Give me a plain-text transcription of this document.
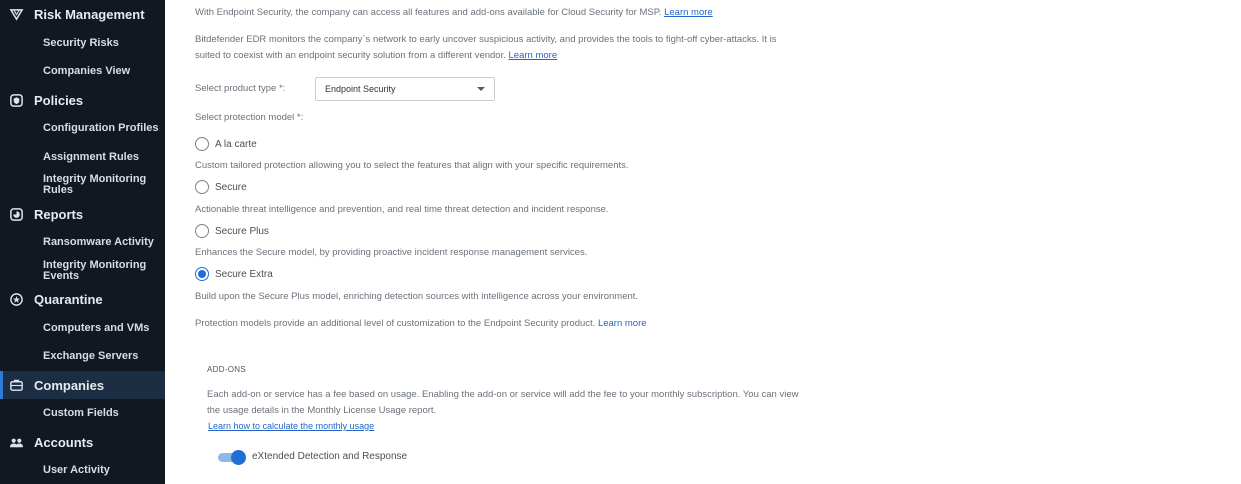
Risk Management
Security Risks
Companies View
Policies
Configuration Profiles
Assignment Rules
Integrity Monitoring
Rules
Reports
Ransomware Activity
Integrity Monitoring
Events
Quarantine
Computers and VMs
Exchange Servers
Companies
Custom Fields
Accounts
User Activity
With Endpoint Security, the company can access all features and add-ons available for Cloud Security for MSP. Learn more
Bitdefender EDR monitors the company`s network to early uncover suspicious activity, and provides the tools to fight-off cyber-attacks. It is
suited to coexist with an endpoint security solution from a different vendor. Learn more
Select product type *:	Endpoint Security
Select protection model *:
A la carte
Custom tailored protection allowing you to select the features that align with your specific requirements.
Secure
Actionable threat intelligence and prevention, and real time threat detection and incident response.
Secure Plus
Enhances the Secure model, by providing proactive incident response management services.
Secure Extra
Build upon the Secure Plus model, enriching detection sources with intelligence across your environment.
Protection models provide an additional level of customization to the Endpoint Security product. Learn more
ADD-ONS
Each add-on or service has a fee based on usage. Enabling the add-on or service will add the fee to your monthly subscription. You can view
the usage details in the Monthly License Usage report.
Learn how to calculate the monthly usage
eXtended Detection and Response
